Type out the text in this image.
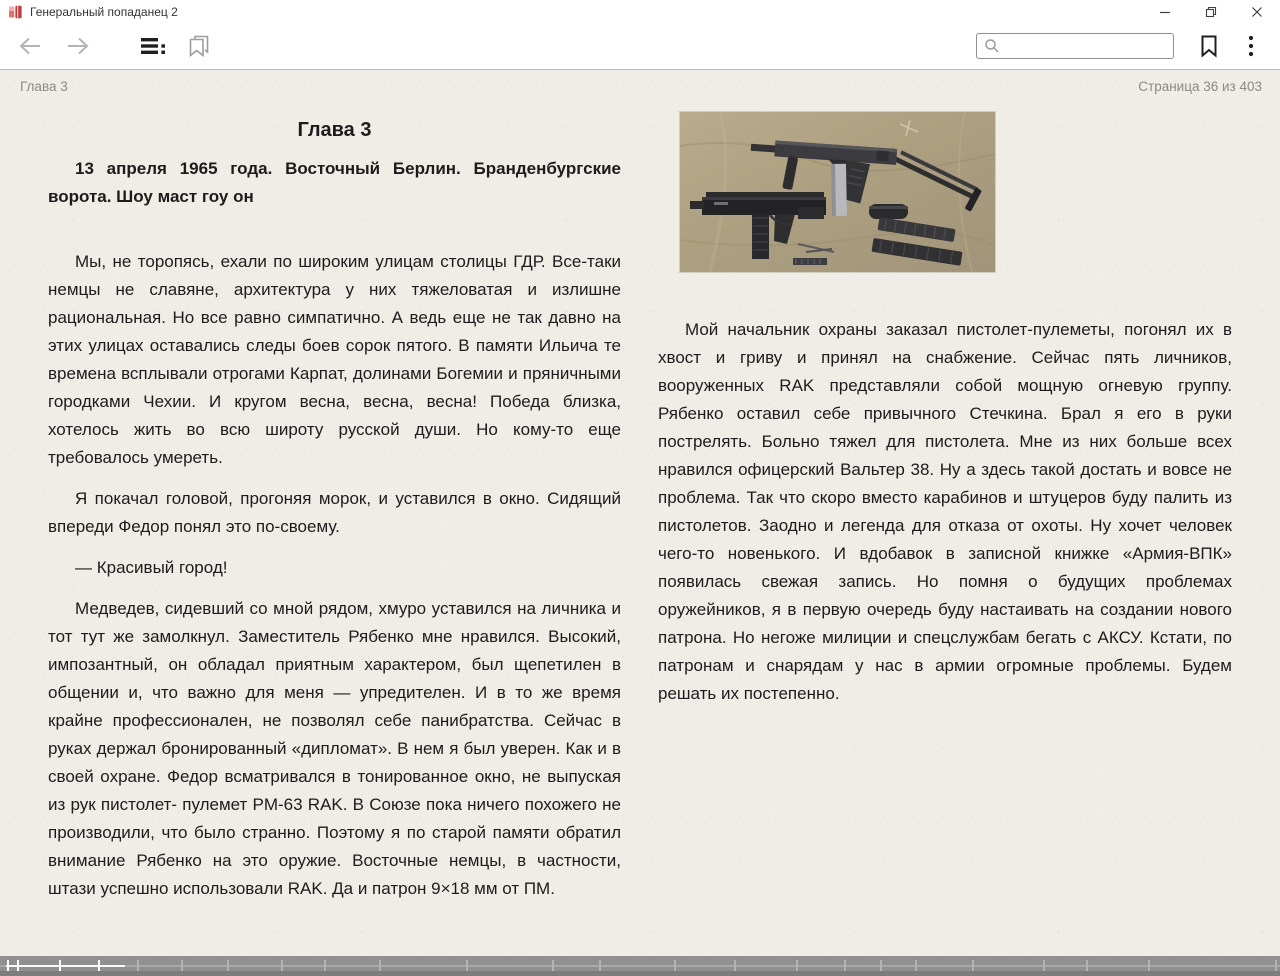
Генеральный попаданец 2
Глава 3	Страница 36 из 403
Глава 3

13 апреля 1965 года. Восточный Берлин. Бранденбургские ворота. Шоу маст гоу он

Мы, не торопясь, ехали по широким улицам столицы ГДР. Все-таки немцы не славяне, архитектура у них тяжеловатая и излишне рациональная. Но все равно симпатично. А ведь еще не так давно на этих улицах оставались следы боев сорок пятого. В памяти Ильича те времена всплывали отрогами Карпат, долинами Богемии и пряничными городками Чехии. И кругом весна, весна, весна! Победа близка, хотелось жить во всю широту русской души. Но кому-то еще требовалось умереть.

Я покачал головой, прогоняя морок, и уставился в окно. Сидящий впереди Федор понял это по-своему.

— Красивый город!

Медведев, сидевший со мной рядом, хмуро уставился на личника и тот тут же замолкнул. Заместитель Рябенко мне нравился. Высокий, импозантный, он обладал приятным характером, был щепетилен в общении и, что важно для меня — упредителен. И в то же время крайне профессионален, не позволял себе панибратства. Сейчас в руках держал бронированный «дипломат». В нем я был уверен. Как и в своей охране. Федор всматривался в тонированное окно, не выпуская из рук пистолет- пулемет PM-63 RAK. В Союзе пока ничего похожего не производили, что было странно. Поэтому я по старой памяти обратил внимание Рябенко на это оружие. Восточные немцы, в частности, штази успешно использовали RAK. Да и патрон 9×18 мм от ПМ.

Мой начальник охраны заказал пистолет-пулеметы, погонял их в хвост и гриву и принял на снабжение. Сейчас пять личников, вооруженных RAK представляли собой мощную огневую группу. Рябенко оставил себе привычного Стечкина. Брал я его в руки пострелять. Больно тяжел для пистолета. Мне из них больше всех нравился офицерский Вальтер 38. Ну а здесь такой достать и вовсе не проблема. Так что скоро вместо карабинов и штуцеров буду палить из пистолетов. Заодно и легенда для отказа от охоты. Ну хочет человек чего-то новенького. И вдобавок в записной книжке «Армия-ВПК» появилась свежая запись. Но помня о будущих проблемах оружейников, я в первую очередь буду настаивать на создании нового патрона. Но негоже милиции и спецслужбам бегать с АКСУ. Кстати, по патронам и снарядам у нас в армии огромные проблемы. Будем решать их постепенно.
